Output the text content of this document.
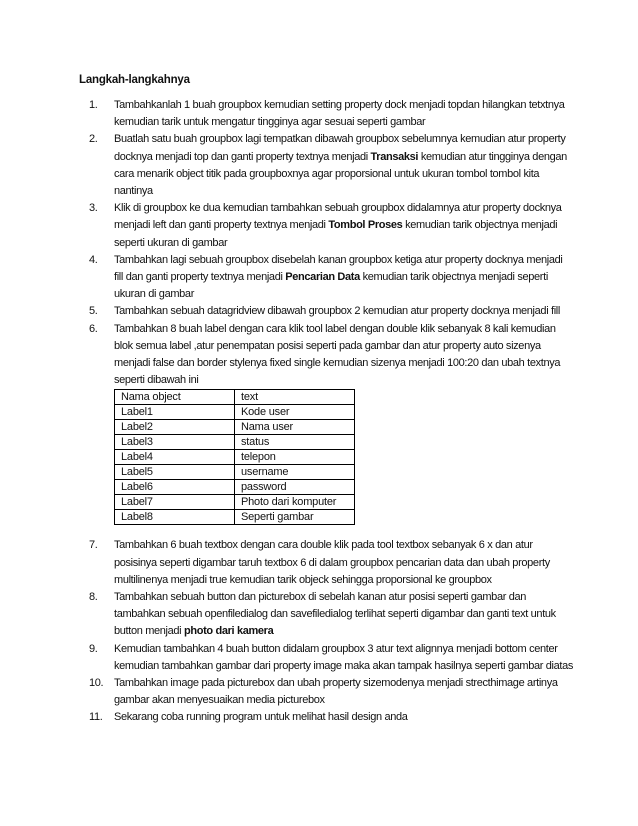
Langkah-langkahnya
1. Tambahkanlah 1 buah groupbox kemudian setting property dock menjadi topdan hilangkan tetxtnya kemudian tarik untuk mengatur tingginya agar sesuai seperti gambar
2. Buatlah satu buah groupbox lagi tempatkan dibawah groupbox sebelumnya kemudian atur property docknya menjadi top dan ganti property textnya menjadi Transaksi kemudian atur tingginya dengan cara menarik object titik pada groupboxnya agar proporsional untuk ukuran tombol tombol kita nantinya
3. Klik di groupbox ke dua kemudian tambahkan sebuah groupbox didalamnya atur property docknya menjadi left dan ganti property textnya menjadi Tombol Proses kemudian tarik objectnya menjadi seperti ukuran di gambar
4. Tambahkan lagi sebuah groupbox disebelah kanan groupbox ketiga atur property docknya menjadi fill dan ganti property textnya menjadi Pencarian Data kemudian tarik objectnya menjadi seperti ukuran di gambar
5. Tambahkan sebuah datagridview dibawah groupbox 2 kemudian atur property docknya menjadi fill
6. Tambahkan 8 buah label dengan cara klik tool label dengan double klik sebanyak 8 kali kemudian blok semua label ,atur penempatan posisi seperti pada gambar dan atur property auto sizenya menjadi false dan border stylenya fixed single kemudian sizenya menjadi 100:20 dan ubah textnya seperti dibawah ini
Nama object	text
Label1	Kode user
Label2	Nama user
Label3	status
Label4	telepon
Label5	username
Label6	password
Label7	Photo dari komputer
Label8	Seperti gambar
7. Tambahkan 6 buah textbox dengan cara double klik pada tool textbox sebanyak 6 x dan atur posisinya seperti digambar taruh textbox 6 di dalam groupbox pencarian data dan ubah property multilinenya menjadi true kemudian tarik objeck sehingga proporsional ke groupbox
8. Tambahkan sebuah button dan picturebox di sebelah kanan atur posisi seperti gambar dan tambahkan sebuah openfiledialog dan savefiledialog terlihat seperti digambar dan ganti text untuk button menjadi photo dari kamera
9. Kemudian tambahkan 4 buah button didalam groupbox 3 atur text alignnya menjadi bottom center kemudian tambahkan gambar dari property image maka akan tampak hasilnya seperti gambar diatas
10. Tambahkan image pada picturebox dan ubah property sizemodenya menjadi strecthimage artinya gambar akan menyesuaikan media picturebox
11. Sekarang coba running program untuk melihat hasil design anda
